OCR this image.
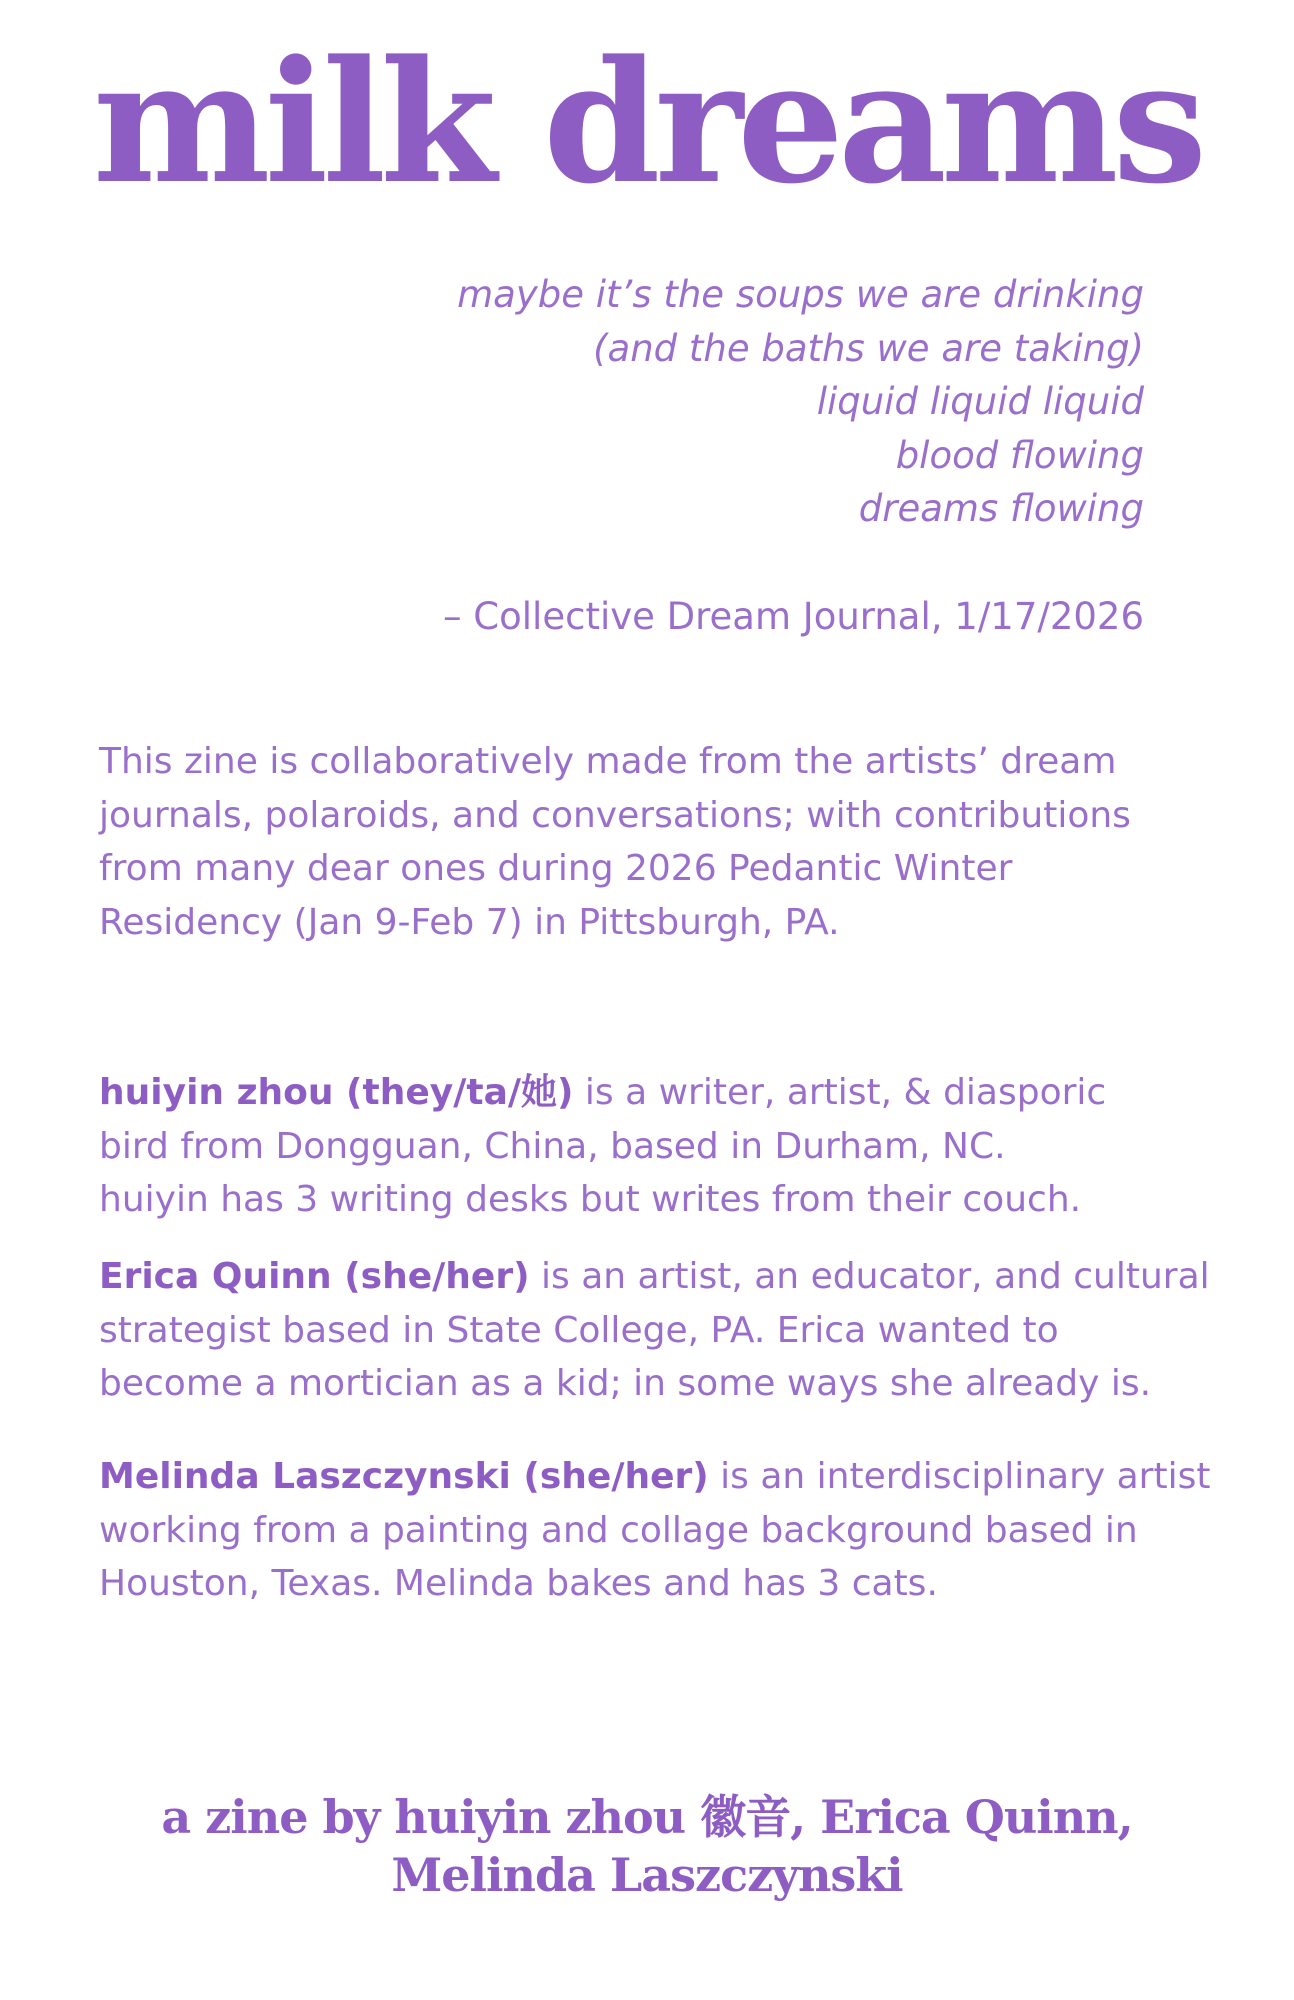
milk dreams
maybe it’s the soups we are drinking
(and the baths we are taking)
liquid liquid liquid
blood flowing
dreams flowing
– Collective Dream Journal, 1/17/2026
This zine is collaboratively made from the artists’ dream
journals, polaroids, and conversations; with contributions
from many dear ones during 2026 Pedantic Winter
Residency (Jan 9-Feb 7) in Pittsburgh, PA.
huiyin zhou (they/ta/她) is a writer, artist, & diasporic
bird from Dongguan, China, based in Durham, NC.
huiyin has 3 writing desks but writes from their couch.
Erica Quinn (she/her) is an artist, an educator, and cultural
strategist based in State College, PA. Erica wanted to
become a mortician as a kid; in some ways she already is.
Melinda Laszczynski (she/her) is an interdisciplinary artist
working from a painting and collage background based in
Houston, Texas. Melinda bakes and has 3 cats.
a zine by huiyin zhou 徽音, Erica Quinn,
Melinda Laszczynski
